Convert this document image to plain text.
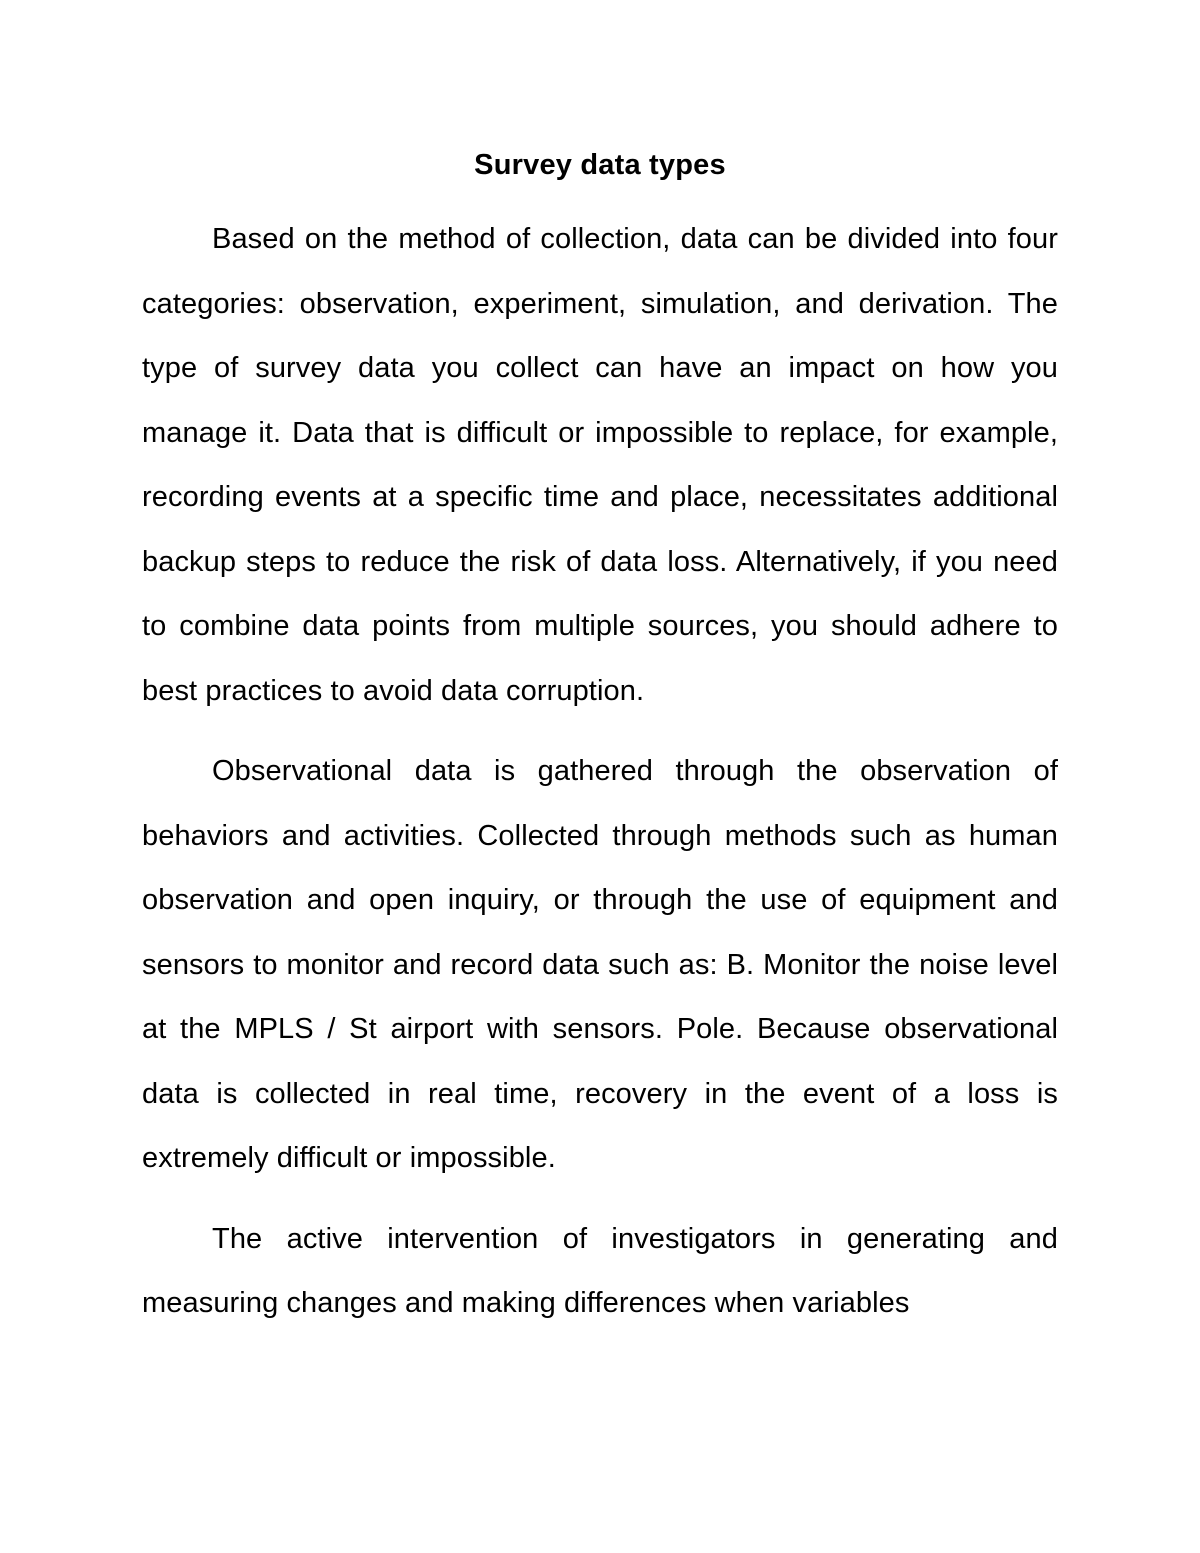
Survey data types

Based on the method of collection, data can be divided into four categories: observation, experiment, simulation, and derivation. The type of survey data you collect can have an impact on how you manage it. Data that is difficult or impossible to replace, for example, recording events at a specific time and place, necessitates additional backup steps to reduce the risk of data loss. Alternatively, if you need to combine data points from multiple sources, you should adhere to best practices to avoid data corruption.

Observational data is gathered through the observation of behaviors and activities. Collected through methods such as human observation and open inquiry, or through the use of equipment and sensors to monitor and record data such as: B. Monitor the noise level at the MPLS / St airport with sensors. Pole. Because observational data is collected in real time, recovery in the event of a loss is extremely difficult or impossible.

The active intervention of investigators in generating and measuring changes and making differences when variables
